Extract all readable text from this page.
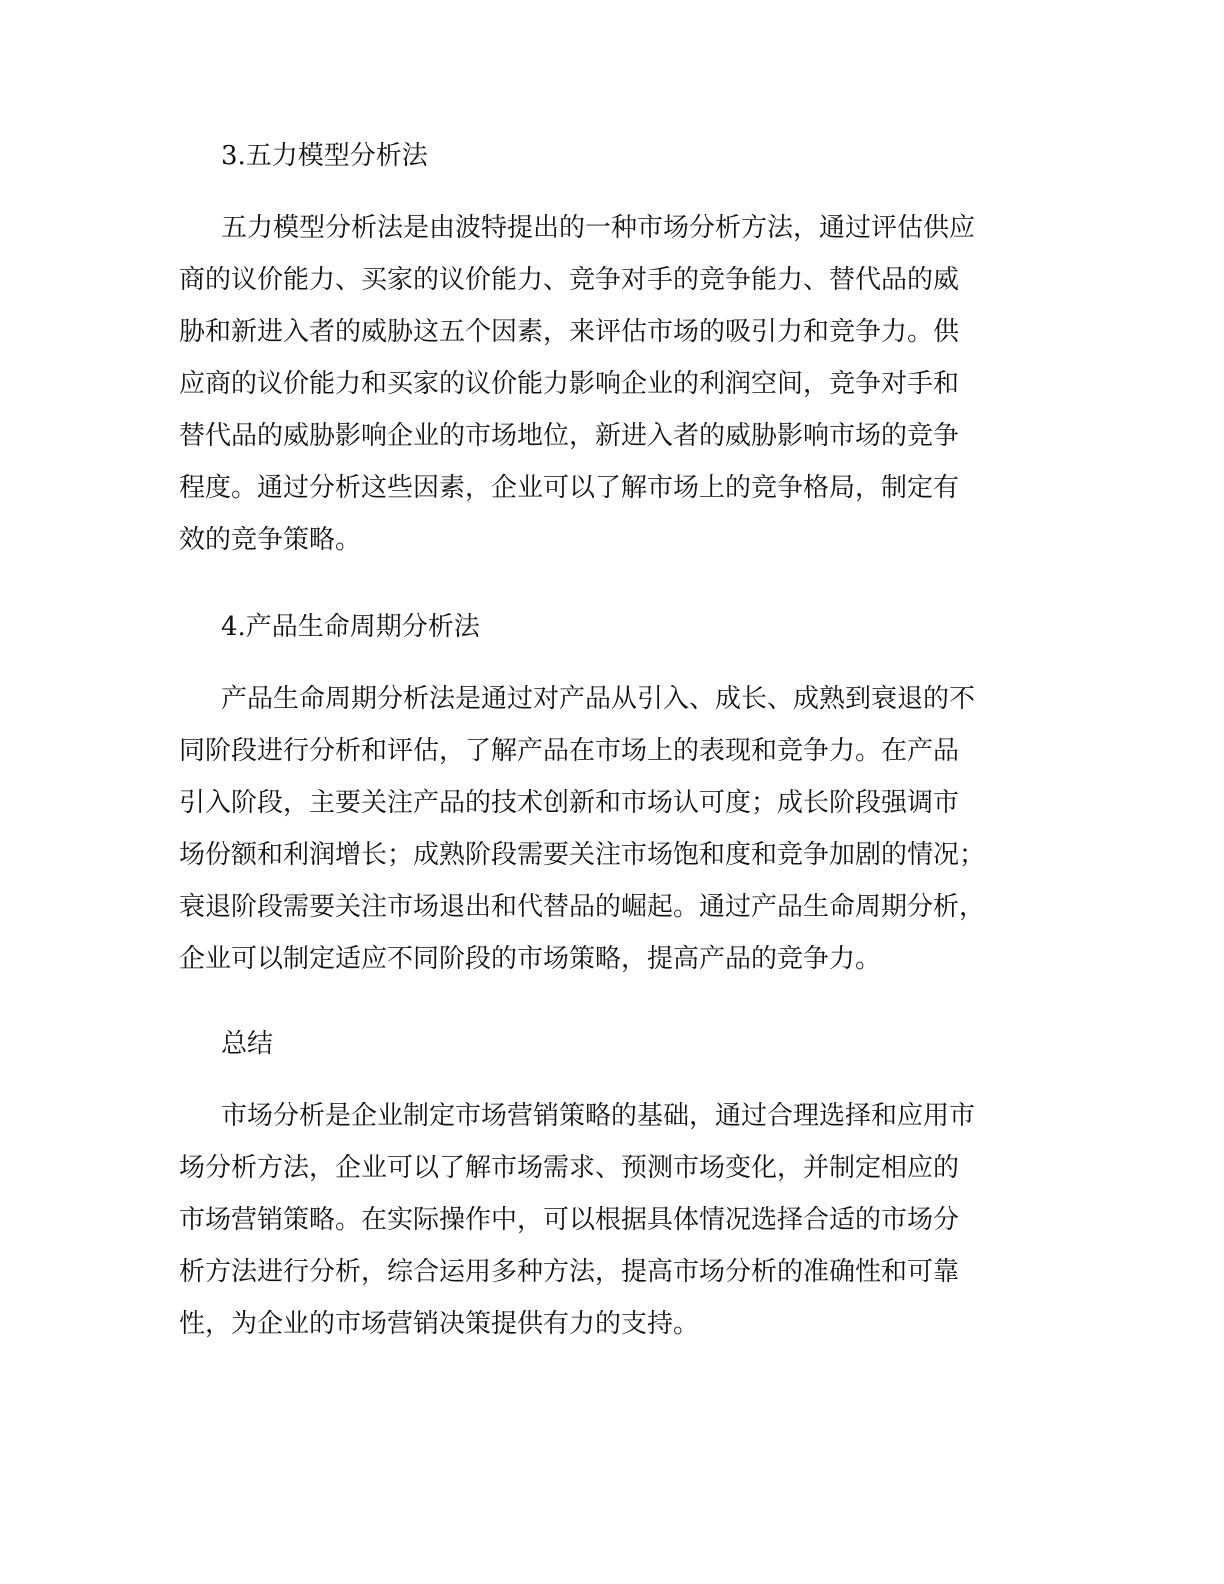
3.五力模型分析法
五力模型分析法是由波特提出的一种市场分析方法，通过评估供应
商的议价能力、买家的议价能力、竞争对手的竞争能力、替代品的威
胁和新进入者的威胁这五个因素，来评估市场的吸引力和竞争力。供
应商的议价能力和买家的议价能力影响企业的利润空间，竞争对手和
替代品的威胁影响企业的市场地位，新进入者的威胁影响市场的竞争
程度。通过分析这些因素，企业可以了解市场上的竞争格局，制定有
效的竞争策略。
4.产品生命周期分析法
产品生命周期分析法是通过对产品从引入、成长、成熟到衰退的不
同阶段进行分析和评估，了解产品在市场上的表现和竞争力。在产品
引入阶段，主要关注产品的技术创新和市场认可度；成长阶段强调市
场份额和利润增长；成熟阶段需要关注市场饱和度和竞争加剧的情况；
衰退阶段需要关注市场退出和代替品的崛起。通过产品生命周期分析，
企业可以制定适应不同阶段的市场策略，提高产品的竞争力。
总结
市场分析是企业制定市场营销策略的基础，通过合理选择和应用市
场分析方法，企业可以了解市场需求、预测市场变化，并制定相应的
市场营销策略。在实际操作中，可以根据具体情况选择合适的市场分
析方法进行分析，综合运用多种方法，提高市场分析的准确性和可靠
性，为企业的市场营销决策提供有力的支持。
